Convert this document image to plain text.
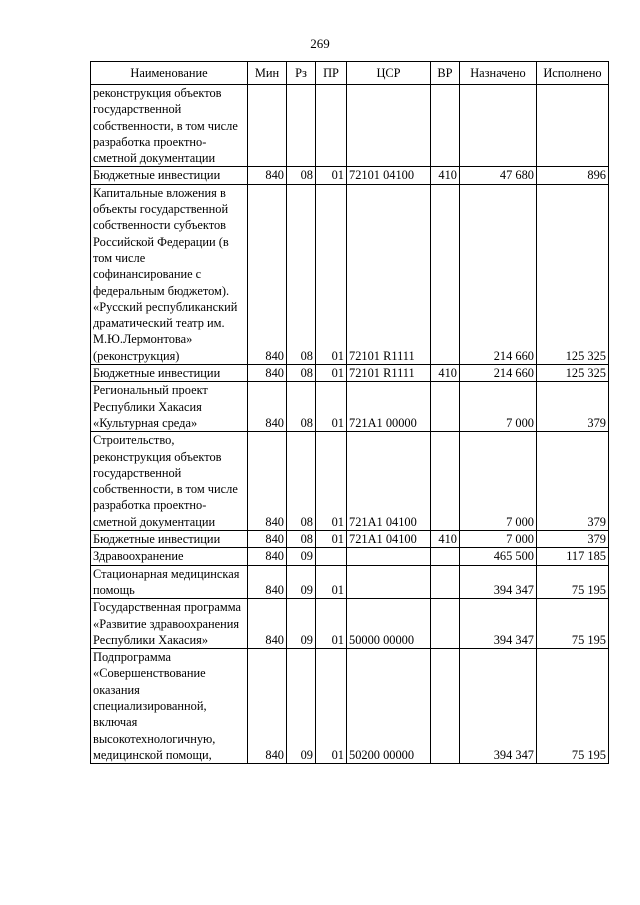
269
Наименование	Мин	Рз	ПР	ЦСР	ВР	Назначено	Исполнено
реконструкция объектов государственной собственности, в том числе разработка проектно-сметной документации							
Бюджетные инвестиции	840	08	01	72101 04100	410	47 680	896
Капитальные вложения в объекты государственной собственности субъектов Российской Федерации (в том числе софинансирование с федеральным бюджетом). «Русский республиканский драматический театр им. М.Ю.Лермонтова» (реконструкция)	840	08	01	72101 R1111		214 660	125 325
Бюджетные инвестиции	840	08	01	72101 R1111	410	214 660	125 325
Региональный проект Республики Хакасия «Культурная среда»	840	08	01	721A1 00000		7 000	379
Строительство, реконструкция объектов государственной собственности, в том числе разработка проектно-сметной документации	840	08	01	721A1 04100		7 000	379
Бюджетные инвестиции	840	08	01	721A1 04100	410	7 000	379
Здравоохранение	840	09				465 500	117 185
Стационарная медицинская помощь	840	09	01			394 347	75 195
Государственная программа «Развитие здравоохранения Республики Хакасия»	840	09	01	50000 00000		394 347	75 195
Подпрограмма «Совершенствование оказания специализированной, включая высокотехнологичную, медицинской помощи,	840	09	01	50200 00000		394 347	75 195
